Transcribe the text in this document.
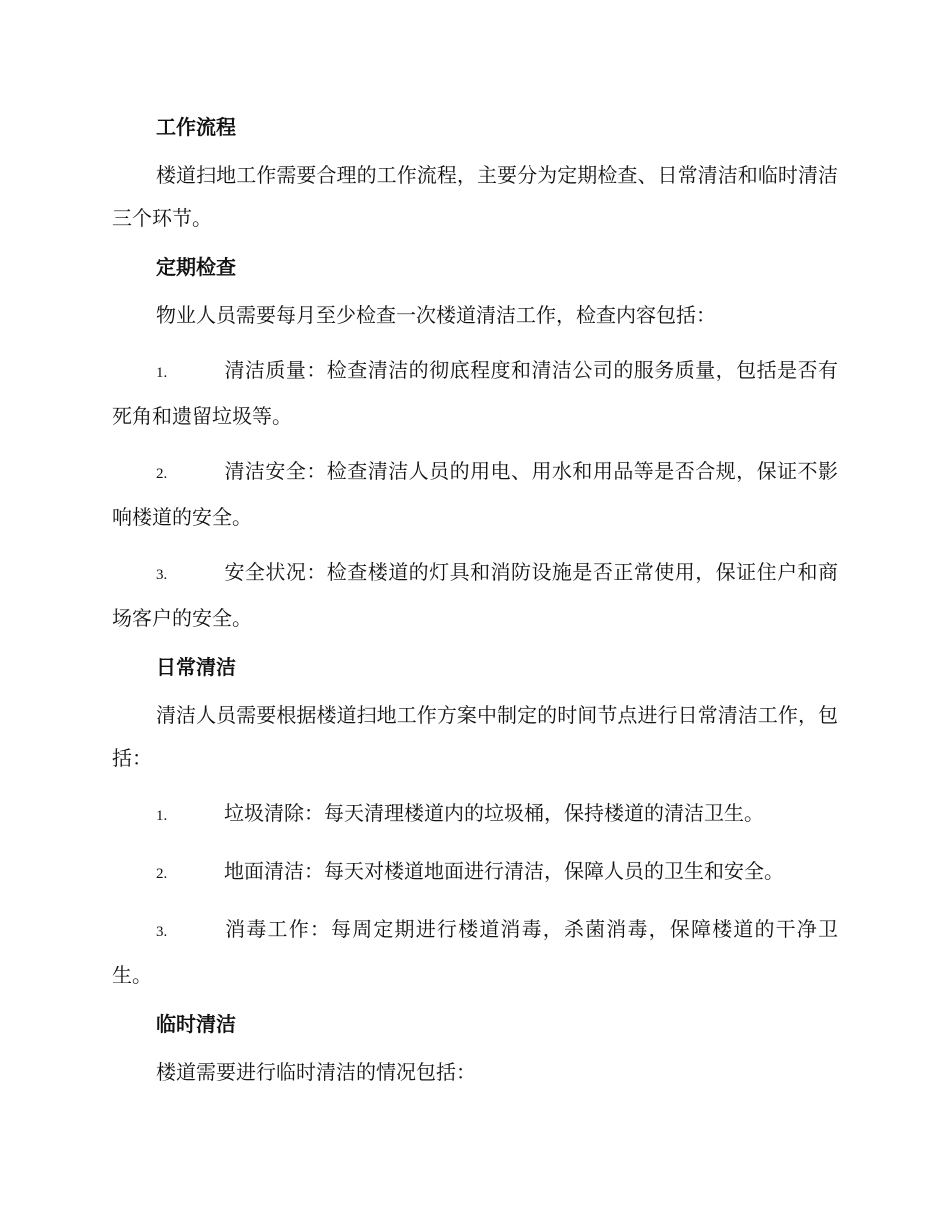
工作流程

楼道扫地工作需要合理的工作流程，主要分为定期检查、日常清洁和临时清洁三个环节。

定期检查

物业人员需要每月至少检查一次楼道清洁工作，检查内容包括：

1.	清洁质量：检查清洁的彻底程度和清洁公司的服务质量，包括是否有死角和遗留垃圾等。

2.	清洁安全：检查清洁人员的用电、用水和用品等是否合规，保证不影响楼道的安全。

3.	安全状况：检查楼道的灯具和消防设施是否正常使用，保证住户和商场客户的安全。

日常清洁

清洁人员需要根据楼道扫地工作方案中制定的时间节点进行日常清洁工作，包括：

1.	垃圾清除：每天清理楼道内的垃圾桶，保持楼道的清洁卫生。

2.	地面清洁：每天对楼道地面进行清洁，保障人员的卫生和安全。

3.	消毒工作：每周定期进行楼道消毒，杀菌消毒，保障楼道的干净卫生。

临时清洁

楼道需要进行临时清洁的情况包括：
